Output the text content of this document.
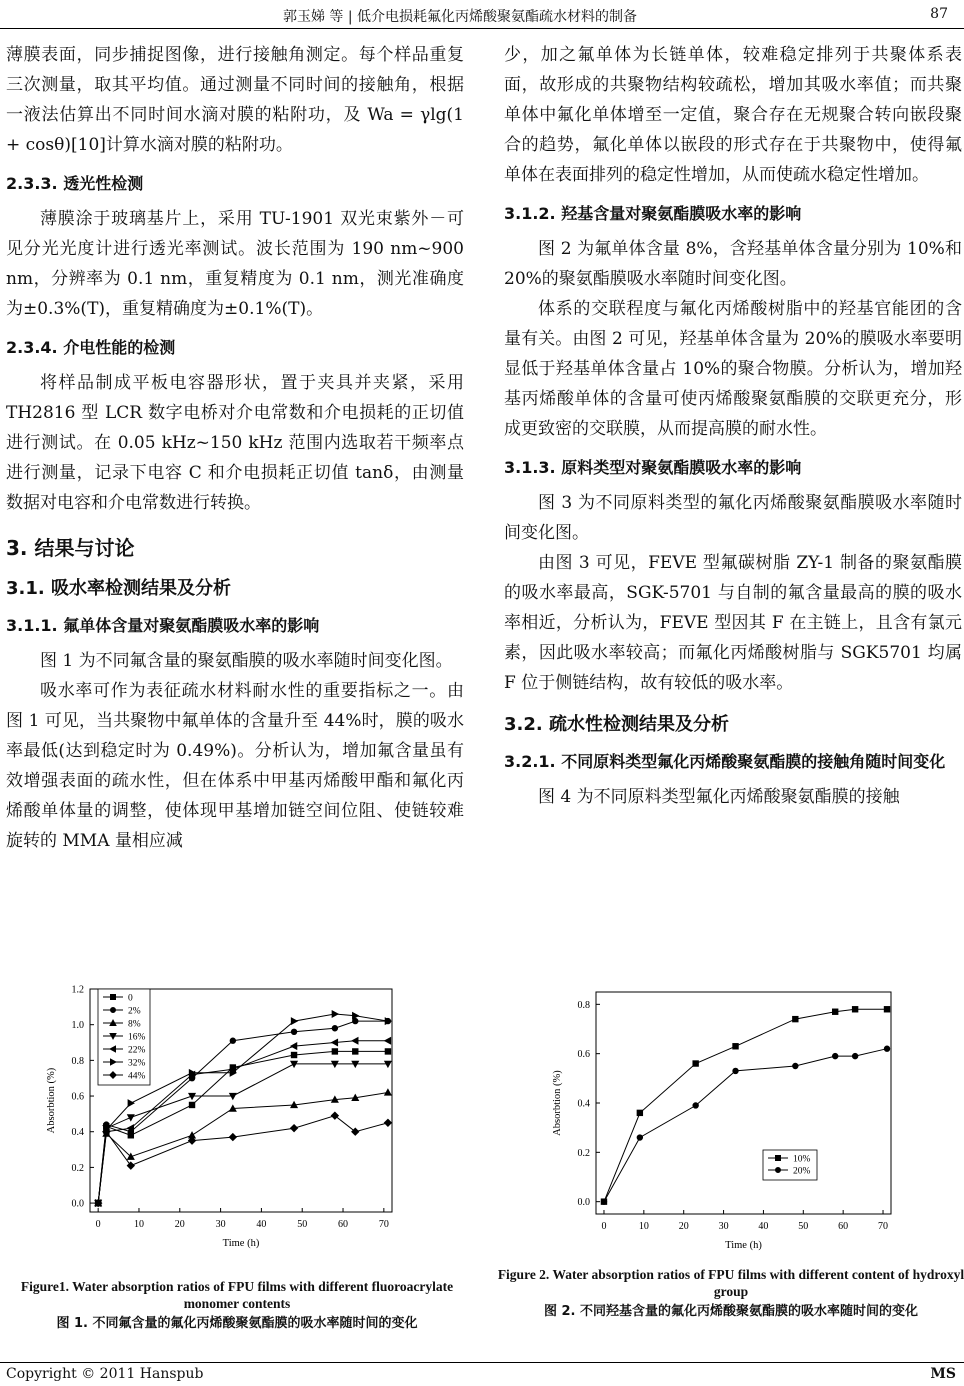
郭玉娣 等 | 低介电损耗氟化丙烯酸聚氨酯疏水材料的制备	87

薄膜表面，同步捕捉图像，进行接触角测定。每个样品重复三次测量，取其平均值。通过测量不同时间的接触角，根据一液法估算出不同时间水滴对膜的粘附功，及 Wa = γlg(1 + cosθ)[10]计算水滴对膜的粘附功。

2.3.3. 透光性检测

薄膜涂于玻璃基片上，采用 TU-1901 双光束紫外－可见分光光度计进行透光率测试。波长范围为 190 nm~900 nm，分辨率为 0.1 nm，重复精度为 0.1 nm，测光准确度为±0.3%(T)，重复精确度为±0.1%(T)。

2.3.4. 介电性能的检测

将样品制成平板电容器形状，置于夹具并夹紧，采用 TH2816 型 LCR 数字电桥对介电常数和介电损耗的正切值进行测试。在 0.05 kHz~150 kHz 范围内选取若干频率点进行测量，记录下电容 C 和介电损耗正切值 tanδ，由测量数据对电容和介电常数进行转换。

3. 结果与讨论
3.1. 吸水率检测结果及分析
3.1.1. 氟单体含量对聚氨酯膜吸水率的影响

图 1 为不同氟含量的聚氨酯膜的吸水率随时间变化图。

吸水率可作为表征疏水材料耐水性的重要指标之一。由图 1 可见，当共聚物中氟单体的含量升至 44%时，膜的吸水率最低(达到稳定时为 0.49%)。分析认为，增加氟含量虽有效增强表面的疏水性，但在体系中甲基丙烯酸甲酯和氟化丙烯酸单体量的调整，使体现甲基增加链空间位阻、使链较难旋转的 MMA 量相应减

少，加之氟单体为长链单体，较难稳定排列于共聚体系表面，故形成的共聚物结构较疏松，增加其吸水率值；而共聚单体中氟化单体增至一定值，聚合存在无规聚合转向嵌段聚合的趋势，氟化单体以嵌段的形式存在于共聚物中，使得氟单体在表面排列的稳定性增加，从而使疏水稳定性增加。

3.1.2. 羟基含量对聚氨酯膜吸水率的影响

图 2 为氟单体含量 8%，含羟基单体含量分别为 10%和 20%的聚氨酯膜吸水率随时间变化图。

体系的交联程度与氟化丙烯酸树脂中的羟基官能团的含量有关。由图 2 可见，羟基单体含量为 20%的膜吸水率要明显低于羟基单体含量占 10%的聚合物膜。分析认为，增加羟基丙烯酸单体的含量可使丙烯酸聚氨酯膜的交联更充分，形成更致密的交联膜，从而提高膜的耐水性。

3.1.3. 原料类型对聚氨酯膜吸水率的影响

图 3 为不同原料类型的氟化丙烯酸聚氨酯膜吸水率随时间变化图。

由图 3 可见，FEVE 型氟碳树脂 ZY-1 制备的聚氨酯膜的吸水率最高，SGK-5701 与自制的氟含量最高的膜的吸水率相近，分析认为，FEVE 型因其 F 在主链上，且含有氯元素，因此吸水率较高；而氟化丙烯酸树脂与 SGK5701 均属 F 位于侧链结构，故有较低的吸水率。

3.2. 疏水性检测结果及分析
3.2.1. 不同原料类型氟化丙烯酸聚氨酯膜的接触角随时间变化

图 4 为不同原料类型氟化丙烯酸聚氨酯膜的接触

0	10	20	30	40	50	60	70
0.0
0.2
0.4
0.6
0.8
1.0
1.2
Time (h)
Absorbtion (%)
0
2%
8%
16%
22%
32%
44%
0	10	20	30	40	50	60	70
0.0
0.2
0.4
0.6
0.8
Time (h)
Absorbtion (%)
10%
20%
Figure1. Water absorption ratios of FPU films with different fluoroacrylate monomer contents
图 1. 不同氟含量的氟化丙烯酸聚氨酯膜的吸水率随时间的变化
Figure 2. Water absorption ratios of FPU films with different content of hydroxyl group
图 2. 不同羟基含量的氟化丙烯酸聚氨酯膜的吸水率随时间的变化
Copyright © 2011 Hanspub	MS
